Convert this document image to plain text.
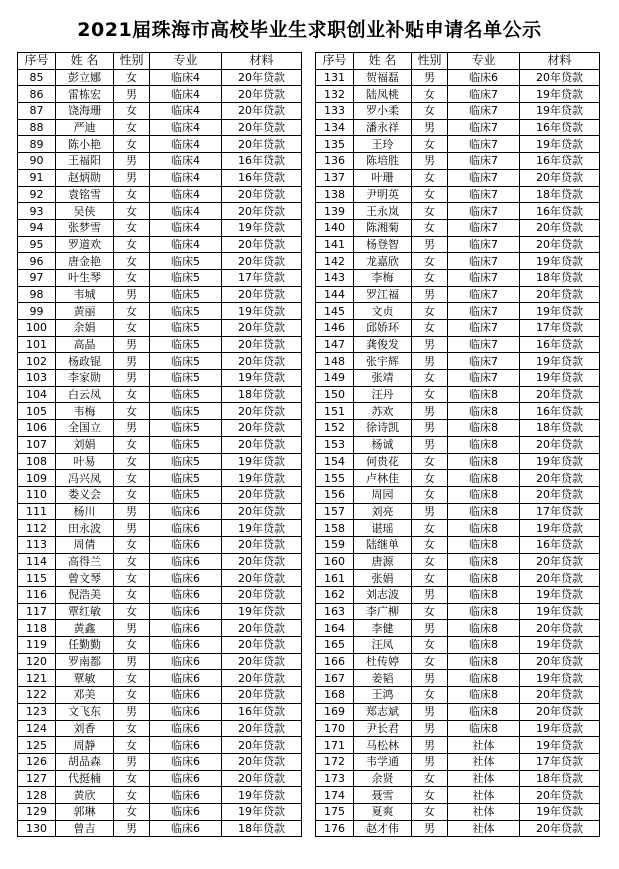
2021届珠海市高校毕业生求职创业补贴申请名单公示
序号	姓 名	性别	专业	材料
85	彭立娜	女	临床4	20年贷款
86	雷栋宏	男	临床4	20年贷款
87	饶海珊	女	临床4	20年贷款
88	严迪	女	临床4	20年贷款
89	陈小艳	女	临床4	20年贷款
90	王福阳	男	临床4	16年贷款
91	赵炳勋	男	临床4	16年贷款
92	袁铭雪	女	临床4	20年贷款
93	吴侠	女	临床4	20年贷款
94	张梦雪	女	临床4	19年贷款
95	罗道欢	女	临床4	20年贷款
96	唐金艳	女	临床5	20年贷款
97	叶生琴	女	临床5	17年贷款
98	韦城	男	临床5	20年贷款
99	黄丽	女	临床5	19年贷款
100	余娟	女	临床5	20年贷款
101	高晶	男	临床5	20年贷款
102	杨政锟	男	临床5	20年贷款
103	李家勋	男	临床5	19年贷款
104	白云凤	女	临床5	18年贷款
105	韦梅	女	临床5	20年贷款
106	全国立	男	临床5	20年贷款
107	刘娟	女	临床5	20年贷款
108	叶易	女	临床5	19年贷款
109	冯兴凤	女	临床5	19年贷款
110	娄义会	女	临床5	20年贷款
111	杨川	男	临床6	20年贷款
112	田永波	男	临床6	19年贷款
113	周倩	女	临床6	20年贷款
114	高得兰	女	临床6	20年贷款
115	曾文琴	女	临床6	20年贷款
116	倪浩美	女	临床6	20年贷款
117	覃红敏	女	临床6	19年贷款
118	黄鑫	男	临床6	20年贷款
119	任勤勤	女	临床6	20年贷款
120	罗南都	男	临床6	20年贷款
121	覃敏	女	临床6	20年贷款
122	邓美	女	临床6	20年贷款
123	文飞东	男	临床6	16年贷款
124	刘香	女	临床6	20年贷款
125	周静	女	临床6	20年贷款
126	胡品森	男	临床6	20年贷款
127	代挺楠	女	临床6	20年贷款
128	黄欣	女	临床6	19年贷款
129	郭琳	女	临床6	19年贷款
130	曾吉	男	临床6	18年贷款
序号	姓 名	性别	专业	材料
131	贺福磊	男	临床6	20年贷款
132	陆凤桃	女	临床7	19年贷款
133	罗小柔	女	临床7	19年贷款
134	潘永祥	男	临床7	16年贷款
135	王玲	女	临床7	19年贷款
136	陈培胜	男	临床7	16年贷款
137	叶珊	女	临床7	20年贷款
138	尹明英	女	临床7	18年贷款
139	王永岚	女	临床7	16年贷款
140	陈湘菊	女	临床7	20年贷款
141	杨登智	男	临床7	20年贷款
142	龙嘉欣	女	临床7	19年贷款
143	李梅	女	临床7	18年贷款
144	罗江福	男	临床7	20年贷款
145	文贞	女	临床7	19年贷款
146	邱娇环	女	临床7	17年贷款
147	龚俊发	男	临床7	16年贷款
148	张宇辉	男	临床7	19年贷款
149	张靖	女	临床7	19年贷款
150	汪丹	女	临床8	20年贷款
151	苏欢	男	临床8	16年贷款
152	徐诗凯	男	临床8	18年贷款
153	杨诚	男	临床8	20年贷款
154	何贵花	女	临床8	19年贷款
155	卢林佳	女	临床8	20年贷款
156	周园	女	临床8	20年贷款
157	刘亮	男	临床8	17年贷款
158	谌瑶	女	临床8	19年贷款
159	陆继单	女	临床8	16年贷款
160	唐源	女	临床8	20年贷款
161	张娟	女	临床8	20年贷款
162	刘志波	男	临床8	19年贷款
163	李广柳	女	临床8	19年贷款
164	李健	男	临床8	20年贷款
165	汪凤	女	临床8	19年贷款
166	杜传婷	女	临床8	20年贷款
167	姜韬	男	临床8	19年贷款
168	王鸿	女	临床8	20年贷款
169	郑志斌	男	临床8	20年贷款
170	尹长君	男	临床8	19年贷款
171	马松林	男	社体	19年贷款
172	韦学通	男	社体	17年贷款
173	余贤	女	社体	18年贷款
174	聂雪	女	社体	20年贷款
175	夏爽	女	社体	19年贷款
176	赵才伟	男	社体	20年贷款
